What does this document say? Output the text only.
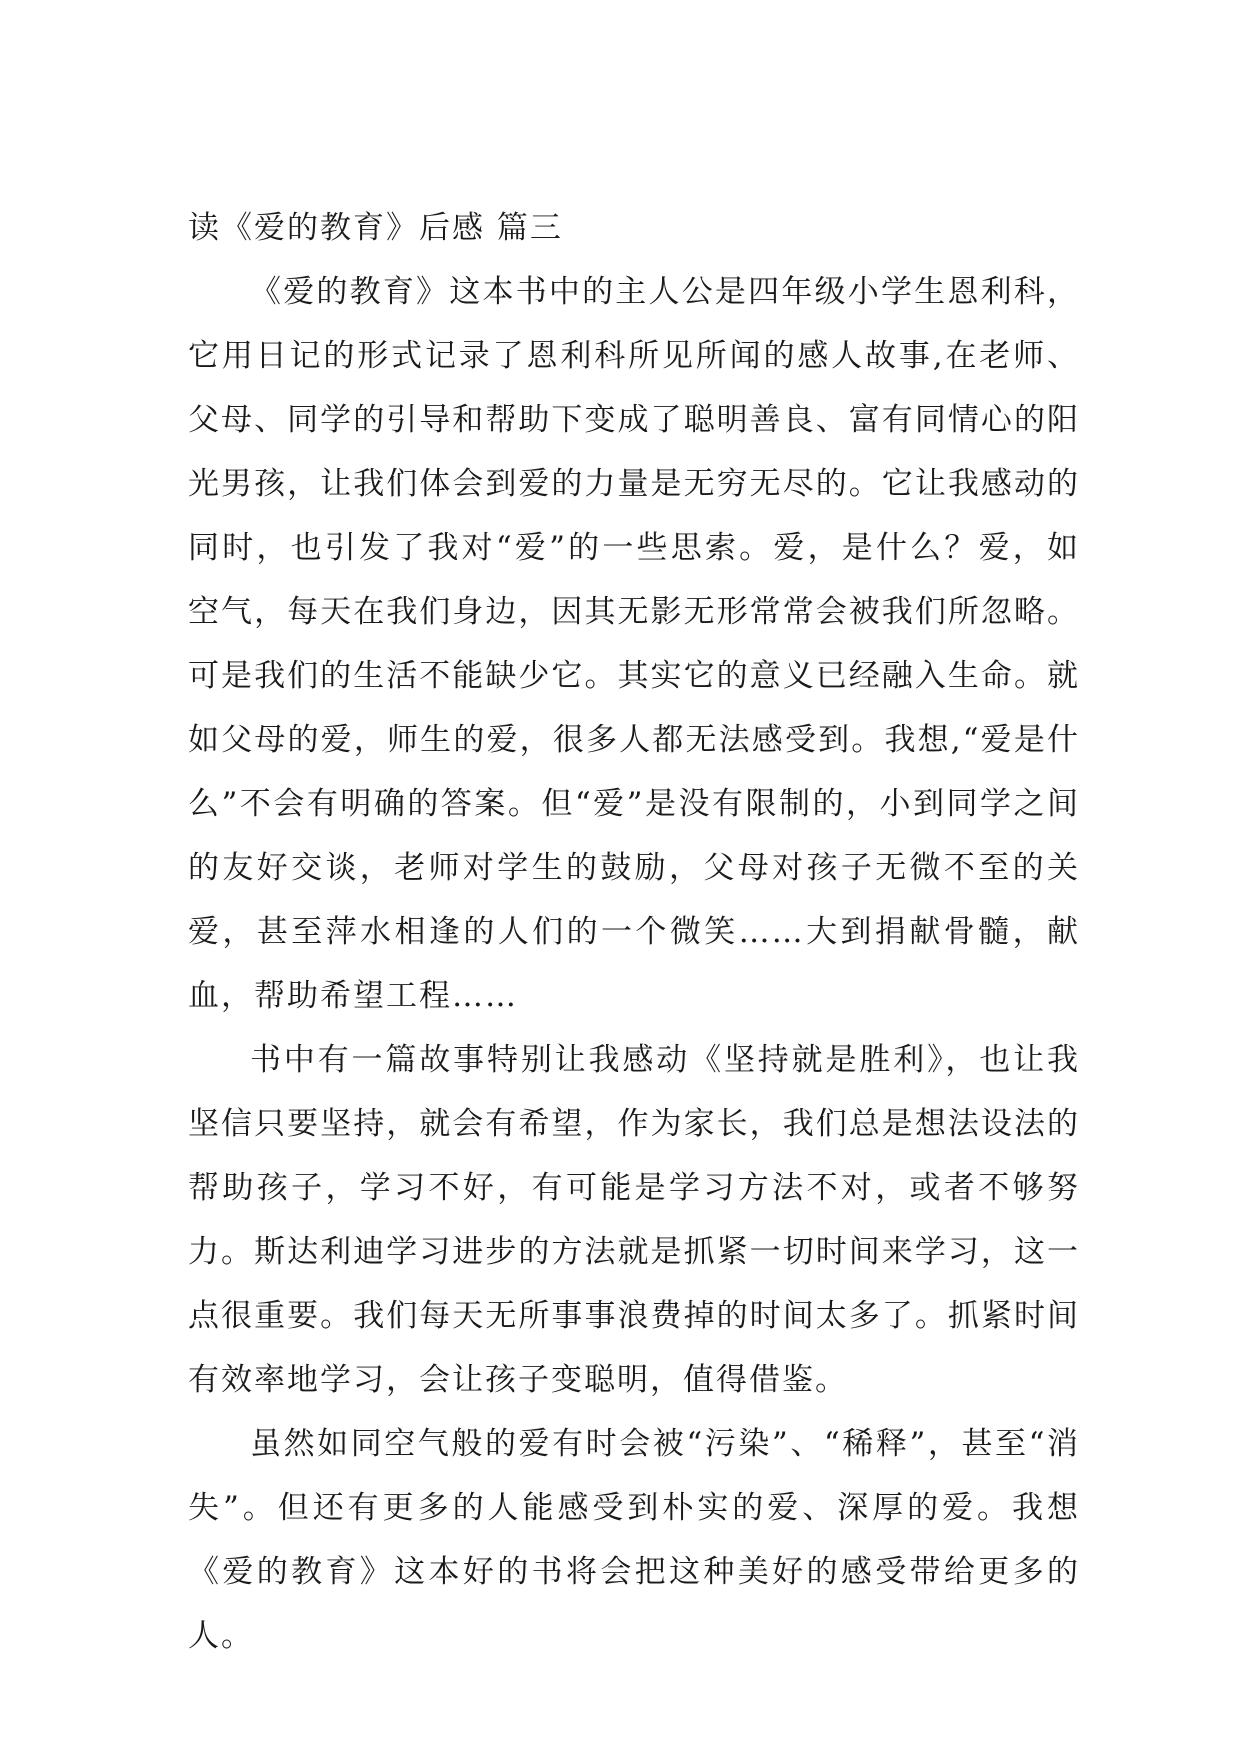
读《爱的教育》后感 篇三

《爱的教育》这本书中的主人公是四年级小学生恩利科，它用日记的形式记录了恩利科所见所闻的感人故事,在老师、父母、同学的引导和帮助下变成了聪明善良、富有同情心的阳光男孩，让我们体会到爱的力量是无穷无尽的。它让我感动的同时，也引发了我对“爱”的一些思索。爱，是什么？爱，如空气，每天在我们身边，因其无影无形常常会被我们所忽略。可是我们的生活不能缺少它。其实它的意义已经融入生命。就如父母的爱，师生的爱，很多人都无法感受到。我想,“爱是什么”不会有明确的答案。但“爱”是没有限制的，小到同学之间的友好交谈，老师对学生的鼓励，父母对孩子无微不至的关爱，甚至萍水相逢的人们的一个微笑……大到捐献骨髓，献血，帮助希望工程……

书中有一篇故事特别让我感动《坚持就是胜利》，也让我坚信只要坚持，就会有希望，作为家长，我们总是想法设法的帮助孩子，学习不好，有可能是学习方法不对，或者不够努力。斯达利迪学习进步的方法就是抓紧一切时间来学习，这一点很重要。我们每天无所事事浪费掉的时间太多了。抓紧时间有效率地学习，会让孩子变聪明，值得借鉴。

虽然如同空气般的爱有时会被“污染”、“稀释”，甚至“消失”。但还有更多的人能感受到朴实的爱、深厚的爱。我想《爱的教育》这本好的书将会把这种美好的感受带给更多的人。
